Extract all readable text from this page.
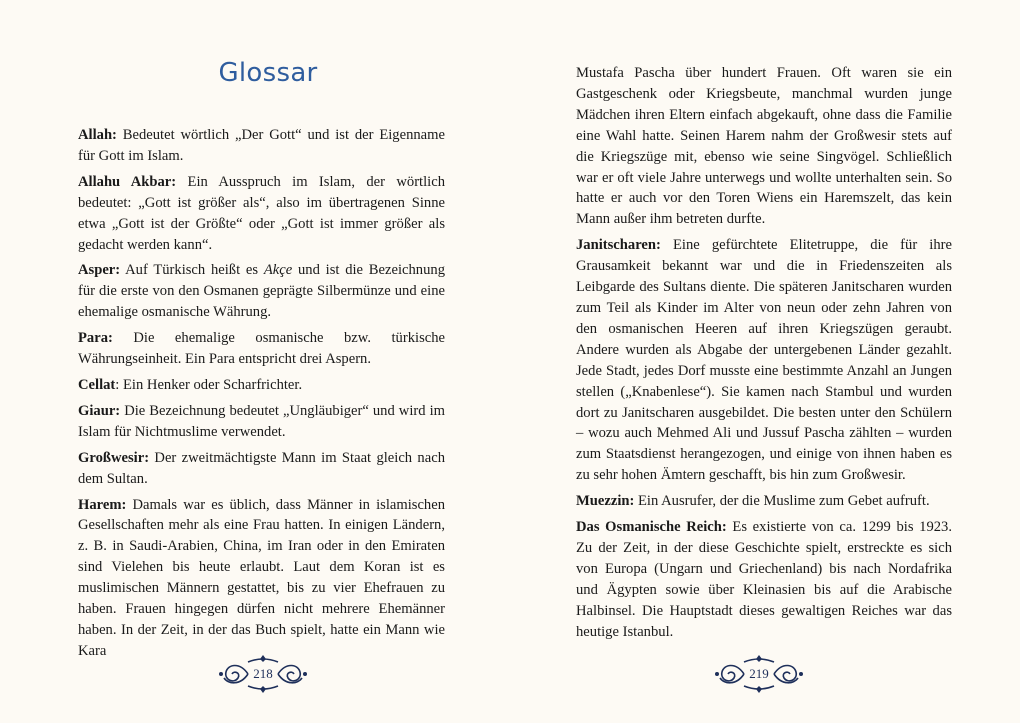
Glossar

Allah: Bedeutet wörtlich „Der Gott“ und ist der Eigenname für Gott im Islam.

Allahu Akbar: Ein Ausspruch im Islam, der wörtlich bedeutet: „Gott ist größer als“, also im übertragenen Sinne etwa „Gott ist der Größte“ oder „Gott ist immer größer als gedacht werden kann“.

Asper: Auf Türkisch heißt es Akçe und ist die Bezeichnung für die erste von den Osmanen geprägte Silbermünze und eine ehemalige osmanische Währung.

Para: Die ehemalige osmanische bzw. türkische Währungseinheit. Ein Para entspricht drei Aspern.

Cellat: Ein Henker oder Scharfrichter.

Giaur: Die Bezeichnung bedeutet „Ungläubiger“ und wird im Islam für Nichtmuslime verwendet.

Großwesir: Der zweitmächtigste Mann im Staat gleich nach dem Sultan.

Harem: Damals war es üblich, dass Männer in islamischen Gesellschaften mehr als eine Frau hatten. In einigen Ländern, z. B. in Saudi-Arabien, China, im Iran oder in den Emiraten sind Vielehen bis heute erlaubt. Laut dem Koran ist es muslimischen Männern gestattet, bis zu vier Ehefrauen zu haben. Frauen hingegen dürfen nicht mehrere Ehemänner haben. In der Zeit, in der das Buch spielt, hatte ein Mann wie Kara

218

Mustafa Pascha über hundert Frauen. Oft waren sie ein Gastgeschenk oder Kriegsbeute, manchmal wurden junge Mädchen ihren Eltern einfach abgekauft, ohne dass die Familie eine Wahl hatte. Seinen Harem nahm der Großwesir stets auf die Kriegszüge mit, ebenso wie seine Singvögel. Schließlich war er oft viele Jahre unterwegs und wollte unterhalten sein. So hatte er auch vor den Toren Wiens ein Haremszelt, das kein Mann außer ihm betreten durfte.

Janitscharen: Eine gefürchtete Elitetruppe, die für ihre Grausamkeit bekannt war und die in Friedenszeiten als Leibgarde des Sultans diente. Die späteren Janitscharen wurden zum Teil als Kinder im Alter von neun oder zehn Jahren von den osmanischen Heeren auf ihren Kriegszügen geraubt. Andere wurden als Abgabe der untergebenen Länder gezahlt. Jede Stadt, jedes Dorf musste eine bestimmte Anzahl an Jungen stellen („Knabenlese“). Sie kamen nach Stambul und wurden dort zu Janitscharen ausgebildet. Die besten unter den Schülern – wozu auch Mehmed Ali und Jussuf Pascha zählten – wurden zum Staatsdienst herangezogen, und einige von ihnen haben es zu sehr hohen Ämtern geschafft, bis hin zum Großwesir.

Muezzin: Ein Ausrufer, der die Muslime zum Gebet aufruft.

Das Osmanische Reich: Es existierte von ca. 1299 bis 1923. Zu der Zeit, in der diese Geschichte spielt, erstreckte es sich von Europa (Ungarn und Griechenland) bis nach Nordafrika und Ägypten sowie über Kleinasien bis auf die Arabische Halbinsel. Die Hauptstadt dieses gewaltigen Reiches war das heutige Istanbul.

219
